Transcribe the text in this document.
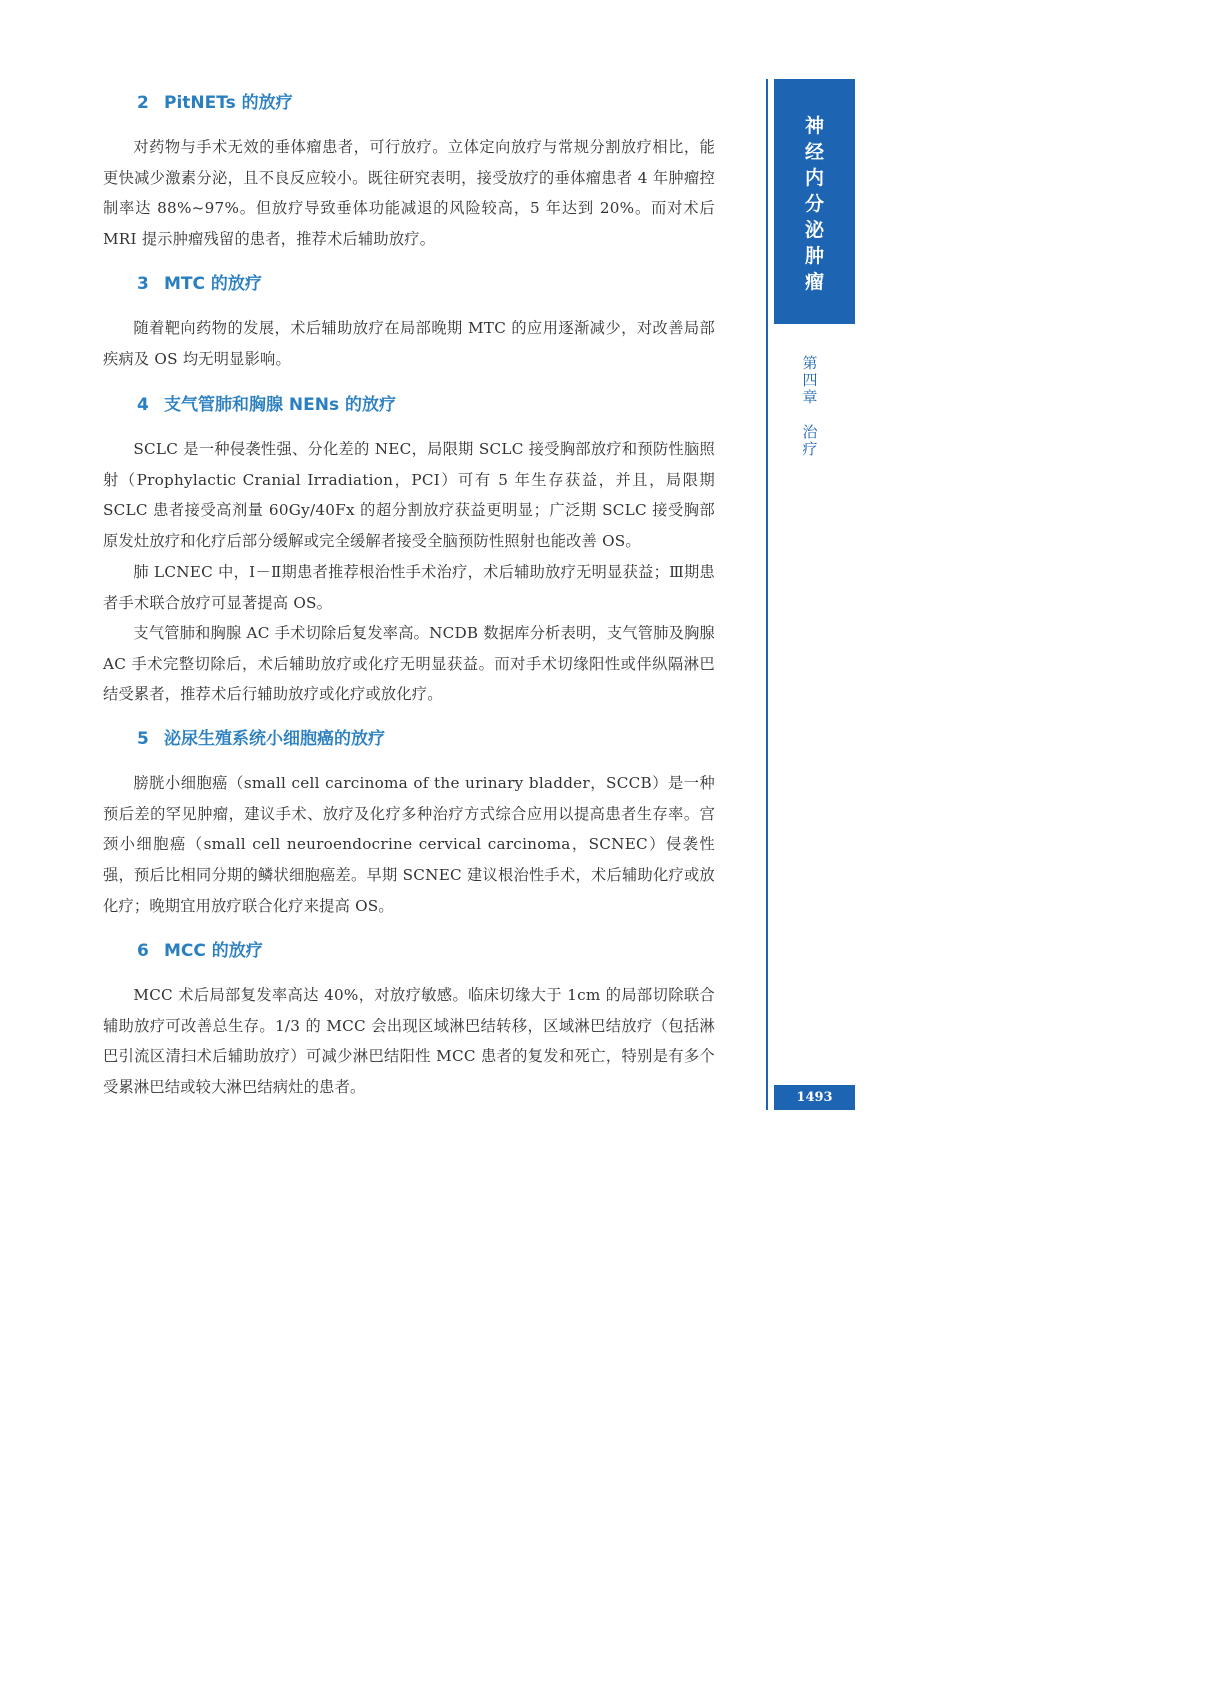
2 PitNETs 的放疗

对药物与手术无效的垂体瘤患者，可行放疗。立体定向放疗与常规分割放疗相比，能更快减少激素分泌，且不良反应较小。既往研究表明，接受放疗的垂体瘤患者 4 年肿瘤控制率达 88%~97%。但放疗导致垂体功能减退的风险较高，5 年达到 20%。而对术后 MRI 提示肿瘤残留的患者，推荐术后辅助放疗。

3 MTC 的放疗

随着靶向药物的发展，术后辅助放疗在局部晚期 MTC 的应用逐渐减少，对改善局部疾病及 OS 均无明显影响。

4 支气管肺和胸腺 NENs 的放疗

SCLC 是一种侵袭性强、分化差的 NEC，局限期 SCLC 接受胸部放疗和预防性脑照射（Prophylactic Cranial Irradiation，PCI）可有 5 年生存获益，并且，局限期 SCLC 患者接受高剂量 60Gy/40Fx 的超分割放疗获益更明显；广泛期 SCLC 接受胸部原发灶放疗和化疗后部分缓解或完全缓解者接受全脑预防性照射也能改善 OS。

肺 LCNEC 中，Ⅰ－Ⅱ期患者推荐根治性手术治疗，术后辅助放疗无明显获益；Ⅲ期患者手术联合放疗可显著提高 OS。

支气管肺和胸腺 AC 手术切除后复发率高。NCDB 数据库分析表明，支气管肺及胸腺 AC 手术完整切除后，术后辅助放疗或化疗无明显获益。而对手术切缘阳性或伴纵隔淋巴结受累者，推荐术后行辅助放疗或化疗或放化疗。

5 泌尿生殖系统小细胞癌的放疗

膀胱小细胞癌（small cell carcinoma of the urinary bladder，SCCB）是一种预后差的罕见肿瘤，建议手术、放疗及化疗多种治疗方式综合应用以提高患者生存率。宫颈小细胞癌（small cell neuroendocrine cervical carcinoma，SCNEC）侵袭性强，预后比相同分期的鳞状细胞癌差。早期 SCNEC 建议根治性手术，术后辅助化疗或放化疗；晚期宜用放疗联合化疗来提高 OS。

6 MCC 的放疗

MCC 术后局部复发率高达 40%，对放疗敏感。临床切缘大于 1cm 的局部切除联合辅助放疗可改善总生存。1/3 的 MCC 会出现区域淋巴结转移，区域淋巴结放疗（包括淋巴引流区清扫术后辅助放疗）可减少淋巴结阳性 MCC 患者的复发和死亡，特别是有多个受累淋巴结或较大淋巴结病灶的患者。

神
经
内
分
泌
肿
瘤
第
四
章
治
疗
1493
